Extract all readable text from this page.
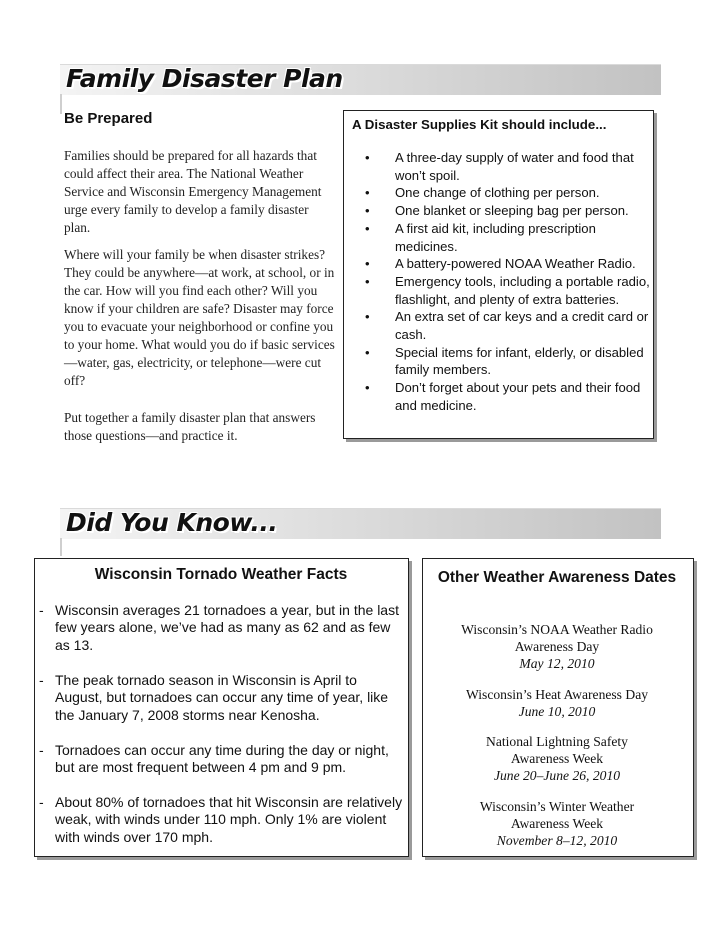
Family Disaster Plan
Be Prepared

Families should be prepared for all hazards that could affect their area. The National Weather Service and Wisconsin Emergency Management urge every family to develop a family disaster plan.

Where will your family be when disaster strikes? They could be anywhere—at work, at school, or in the car. How will you find each other? Will you know if your children are safe? Disaster may force you to evacuate your neighborhood or confine you to your home. What would you do if basic services—water, gas, electricity, or telephone—were cut off?

Put together a family disaster plan that answers those questions—and practice it.

A Disaster Supplies Kit should include...
• A three-day supply of water and food that won’t spoil.
• One change of clothing per person.
• One blanket or sleeping bag per person.
• A first aid kit, including prescription medicines.
• A battery-powered NOAA Weather Radio.
• Emergency tools, including a portable radio, flashlight, and plenty of extra batteries.
• An extra set of car keys and a credit card or cash.
• Special items for infant, elderly, or disabled family members.
• Don’t forget about your pets and their food and medicine.
Did You Know...
Wisconsin Tornado Weather Facts
- Wisconsin averages 21 tornadoes a year, but in the last few years alone, we’ve had as many as 62 and as few as 13.
- The peak tornado season in Wisconsin is April to August, but tornadoes can occur any time of year, like the January 7, 2008 storms near Kenosha.
- Tornadoes can occur any time during the day or night, but are most frequent between 4 pm and 9 pm.
- About 80% of tornadoes that hit Wisconsin are relatively weak, with winds under 110 mph. Only 1% are violent with winds over 170 mph.
Other Weather Awareness Dates
Wisconsin’s NOAA Weather Radio
Awareness Day
May 12, 2010
Wisconsin’s Heat Awareness Day
June 10, 2010
National Lightning Safety
Awareness Week
June 20–June 26, 2010
Wisconsin’s Winter Weather
Awareness Week
November 8–12, 2010
